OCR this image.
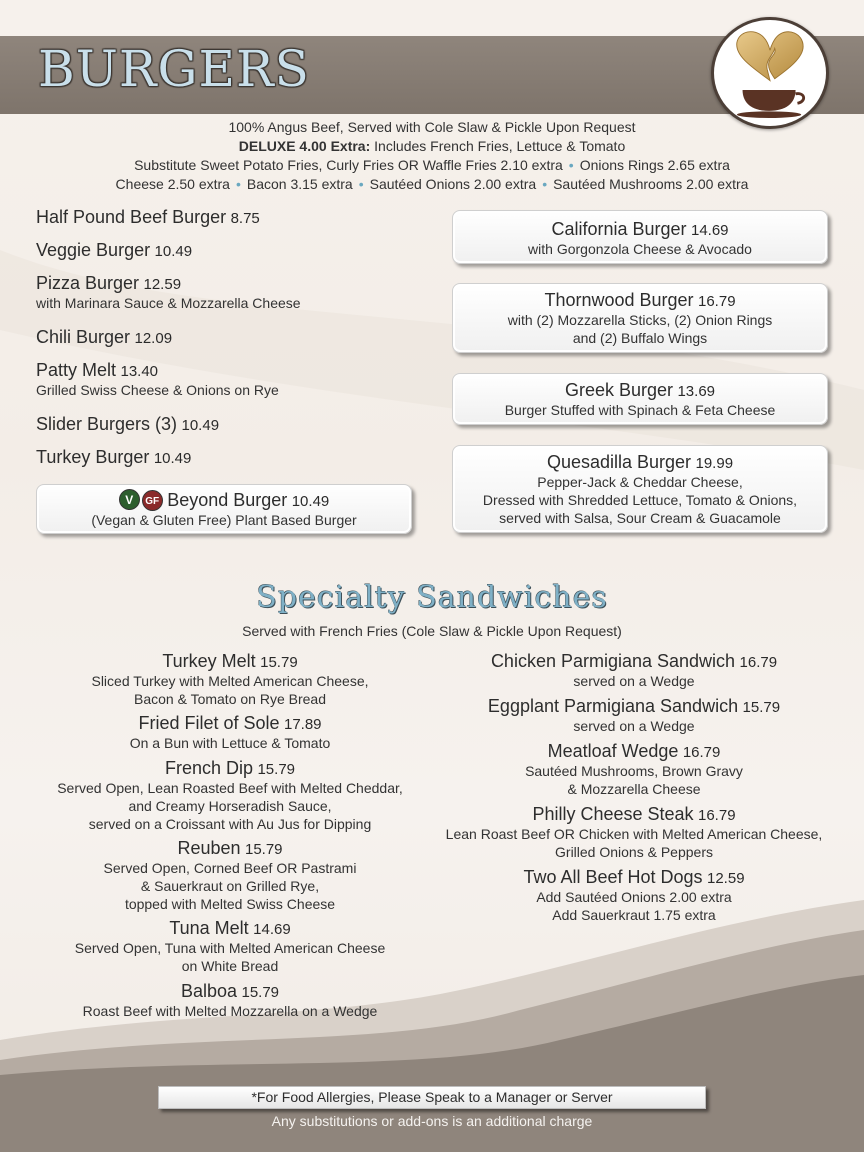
BURGERS
100% Angus Beef, Served with Cole Slaw & Pickle Upon Request
DELUXE 4.00 Extra: Includes French Fries, Lettuce & Tomato
Substitute Sweet Potato Fries, Curly Fries OR Waffle Fries 2.10 extra • Onions Rings 2.65 extra
Cheese 2.50 extra • Bacon 3.15 extra • Sautéed Onions 2.00 extra • Sautéed Mushrooms 2.00 extra
Half Pound Beef Burger 8.75
Veggie Burger 10.49
Pizza Burger 12.59
with Marinara Sauce & Mozzarella Cheese
Chili Burger 12.09
Patty Melt 13.40
Grilled Swiss Cheese & Onions on Rye
Slider Burgers (3) 10.49
Turkey Burger 10.49
V GF Beyond Burger 10.49
(Vegan & Gluten Free) Plant Based Burger
California Burger 14.69
with Gorgonzola Cheese & Avocado
Thornwood Burger 16.79
with (2) Mozzarella Sticks, (2) Onion Rings
and (2) Buffalo Wings
Greek Burger 13.69
Burger Stuffed with Spinach & Feta Cheese
Quesadilla Burger 19.99
Pepper-Jack & Cheddar Cheese,
Dressed with Shredded Lettuce, Tomato & Onions,
served with Salsa, Sour Cream & Guacamole
Specialty Sandwiches
Served with French Fries (Cole Slaw & Pickle Upon Request)
Turkey Melt 15.79
Sliced Turkey with Melted American Cheese,
Bacon & Tomato on Rye Bread
Fried Filet of Sole 17.89
On a Bun with Lettuce & Tomato
French Dip 15.79
Served Open, Lean Roasted Beef with Melted Cheddar,
and Creamy Horseradish Sauce,
served on a Croissant with Au Jus for Dipping
Reuben 15.79
Served Open, Corned Beef OR Pastrami
& Sauerkraut on Grilled Rye,
topped with Melted Swiss Cheese
Tuna Melt 14.69
Served Open, Tuna with Melted American Cheese
on White Bread
Balboa 15.79
Roast Beef with Melted Mozzarella on a Wedge
Chicken Parmigiana Sandwich 16.79
served on a Wedge
Eggplant Parmigiana Sandwich 15.79
served on a Wedge
Meatloaf Wedge 16.79
Sautéed Mushrooms, Brown Gravy
& Mozzarella Cheese
Philly Cheese Steak 16.79
Lean Roast Beef OR Chicken with Melted American Cheese,
Grilled Onions & Peppers
Two All Beef Hot Dogs 12.59
Add Sautéed Onions 2.00 extra
Add Sauerkraut 1.75 extra
*For Food Allergies, Please Speak to a Manager or Server
Any substitutions or add-ons is an additional charge
